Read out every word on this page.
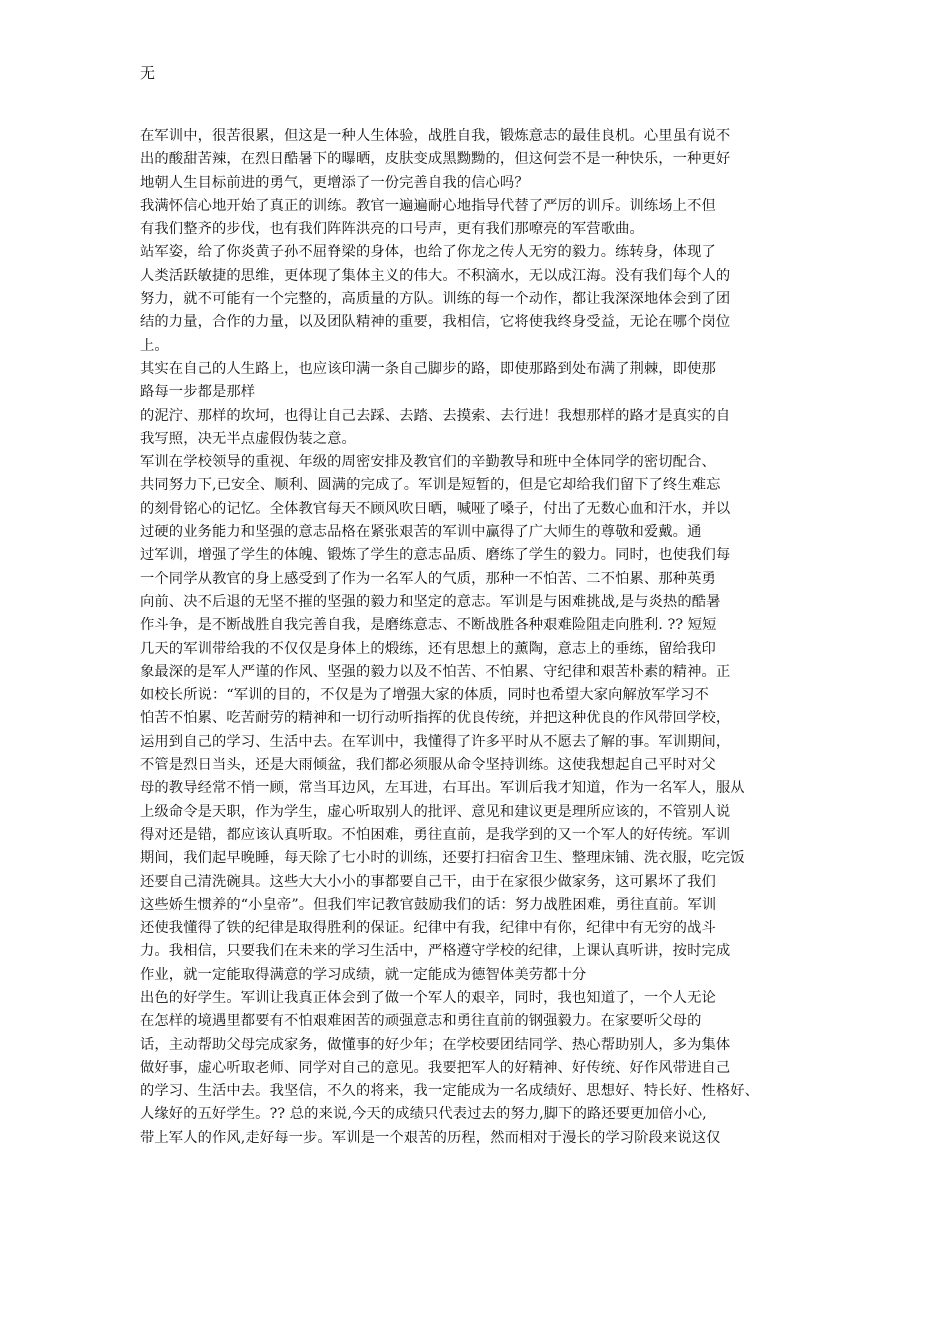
无
在军训中，很苦很累，但这是一种人生体验，战胜自我，锻炼意志的最佳良机。心里虽有说不
出的酸甜苦辣，在烈日酷暑下的曝晒，皮肤变成黑黝黝的，但这何尝不是一种快乐，一种更好
地朝人生目标前进的勇气，更增添了一份完善自我的信心吗？
我满怀信心地开始了真正的训练。教官一遍遍耐心地指导代替了严厉的训斥。训练场上不但
有我们整齐的步伐，也有我们阵阵洪亮的口号声，更有我们那嘹亮的军营歌曲。
站军姿，给了你炎黄子孙不屈脊梁的身体，也给了你龙之传人无穷的毅力。练转身，体现了
人类活跃敏捷的思维，更体现了集体主义的伟大。不积滴水，无以成江海。没有我们每个人的
努力，就不可能有一个完整的，高质量的方队。训练的每一个动作，都让我深深地体会到了团
结的力量，合作的力量，以及团队精神的重要，我相信，它将使我终身受益，无论在哪个岗位
上。
其实在自己的人生路上，也应该印满一条自己脚步的路，即使那路到处布满了荆棘，即使那
路每一步都是那样
的泥泞、那样的坎坷，也得让自己去踩、去踏、去摸索、去行进！我想那样的路才是真实的自
我写照，决无半点虚假伪装之意。
军训在学校领导的重视、年级的周密安排及教官们的辛勤教导和班中全体同学的密切配合、
共同努力下,已安全、顺利、圆满的完成了。军训是短暂的，但是它却给我们留下了终生难忘
的刻骨铭心的记忆。全体教官每天不顾风吹日晒，喊哑了嗓子，付出了无数心血和汗水，并以
过硬的业务能力和坚强的意志品格在紧张艰苦的军训中赢得了广大师生的尊敬和爱戴。通
过军训，增强了学生的体魄、锻炼了学生的意志品质、磨练了学生的毅力。同时，也使我们每
一个同学从教官的身上感受到了作为一名军人的气质，那种一不怕苦、二不怕累、那种英勇
向前、决不后退的无坚不摧的坚强的毅力和坚定的意志。军训是与困难挑战,是与炎热的酷暑
作斗争，是不断战胜自我完善自我，是磨练意志、不断战胜各种艰难险阻走向胜利. ?? 短短
几天的军训带给我的不仅仅是身体上的煅练，还有思想上的薰陶，意志上的垂练，留给我印
象最深的是军人严谨的作风、坚强的毅力以及不怕苦、不怕累、守纪律和艰苦朴素的精神。正
如校长所说：“军训的目的，不仅是为了增强大家的体质，同时也希望大家向解放军学习不
怕苦不怕累、吃苦耐劳的精神和一切行动听指挥的优良传统，并把这种优良的作风带回学校，
运用到自己的学习、生活中去。在军训中，我懂得了许多平时从不愿去了解的事。军训期间，
不管是烈日当头，还是大雨倾盆，我们都必须服从命令坚持训练。这使我想起自己平时对父
母的教导经常不悄一顾，常当耳边风，左耳进，右耳出。军训后我才知道，作为一名军人，服从
上级命令是天职，作为学生，虚心听取别人的批评、意见和建议更是理所应该的，不管别人说
得对还是错，都应该认真听取。不怕困难，勇往直前，是我学到的又一个军人的好传统。军训
期间，我们起早晚睡，每天除了七小时的训练，还要打扫宿舍卫生、整理床铺、洗衣服，吃完饭
还要自己清洗碗具。这些大大小小的事都要自己干，由于在家很少做家务，这可累坏了我们
这些娇生惯养的“小皇帝”。但我们牢记教官鼓励我们的话：努力战胜困难，勇往直前。军训
还使我懂得了铁的纪律是取得胜利的保证。纪律中有我，纪律中有你，纪律中有无穷的战斗
力。我相信，只要我们在未来的学习生活中，严格遵守学校的纪律，上课认真听讲，按时完成
作业，就一定能取得满意的学习成绩，就一定能成为德智体美劳都十分
出色的好学生。军训让我真正体会到了做一个军人的艰辛，同时，我也知道了，一个人无论
在怎样的境遇里都要有不怕艰难困苦的顽强意志和勇往直前的钢强毅力。在家要听父母的
话，主动帮助父母完成家务，做懂事的好少年；在学校要团结同学、热心帮助别人，多为集体
做好事，虚心听取老师、同学对自己的意见。我要把军人的好精神、好传统、好作风带进自己
的学习、生活中去。我坚信，不久的将来，我一定能成为一名成绩好、思想好、特长好、性格好、
人缘好的五好学生。?? 总的来说,今天的成绩只代表过去的努力,脚下的路还要更加倍小心,
带上军人的作风,走好每一步。军训是一个艰苦的历程，然而相对于漫长的学习阶段来说这仅
